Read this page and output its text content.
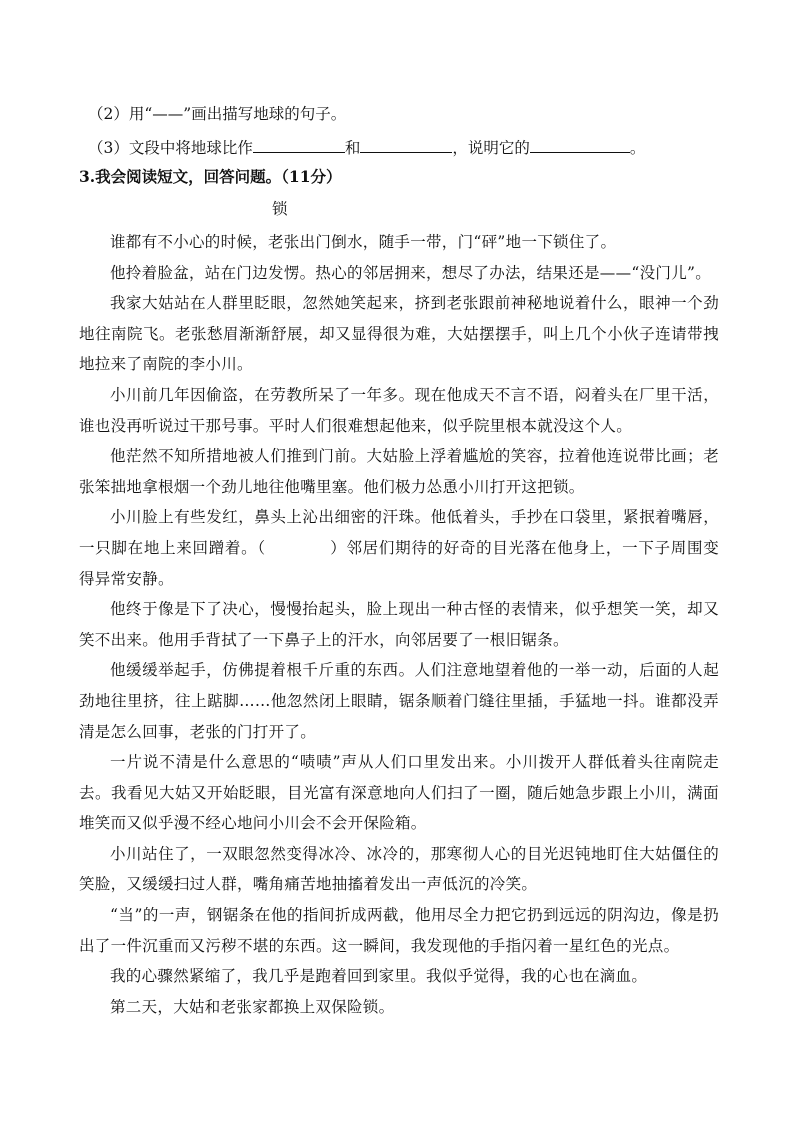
（2）用“——”画出描写地球的句子。
（3）文段中将地球比作	和	，说明它的	。
3.我会阅读短文，回答问题。（11分）
锁

谁都有不小心的时候，老张出门倒水，随手一带，门“砰”地一下锁住了。

他拎着脸盆，站在门边发愣。热心的邻居拥来，想尽了办法，结果还是——“没门儿”。

我家大姑站在人群里眨眼，忽然她笑起来，挤到老张跟前神秘地说着什么，眼神一个劲地往南院飞。老张愁眉渐渐舒展，却又显得很为难，大姑摆摆手，叫上几个小伙子连请带拽地拉来了南院的李小川。

小川前几年因偷盗，在劳教所呆了一年多。现在他成天不言不语，闷着头在厂里干活，谁也没再听说过干那号事。平时人们很难想起他来，似乎院里根本就没这个人。

他茫然不知所措地被人们推到门前。大姑脸上浮着尴尬的笑容，拉着他连说带比画；老张笨拙地拿根烟一个劲儿地往他嘴里塞。他们极力怂恿小川打开这把锁。

小川脸上有些发红，鼻头上沁出细密的汗珠。他低着头，手抄在口袋里，紧抿着嘴唇，一只脚在地上来回蹭着。（	）邻居们期待的好奇的目光落在他身上，一下子周围变得异常安静。

他终于像是下了决心，慢慢抬起头，脸上现出一种古怪的表情来，似乎想笑一笑，却又笑不出来。他用手背拭了一下鼻子上的汗水，向邻居要了一根旧锯条。

他缓缓举起手，仿佛提着根千斤重的东西。人们注意地望着他的一举一动，后面的人起劲地往里挤，往上踮脚……他忽然闭上眼睛，锯条顺着门缝往里插，手猛地一抖。谁都没弄清是怎么回事，老张的门打开了。

一片说不清是什么意思的“啧啧”声从人们口里发出来。小川拨开人群低着头往南院走去。我看见大姑又开始眨眼，目光富有深意地向人们扫了一圈，随后她急步跟上小川，满面堆笑而又似乎漫不经心地问小川会不会开保险箱。

小川站住了，一双眼忽然变得冰冷、冰冷的，那寒彻人心的目光迟钝地盯住大姑僵住的笑脸，又缓缓扫过人群，嘴角痛苦地抽搐着发出一声低沉的冷笑。

“当”的一声，钢锯条在他的指间折成两截，他用尽全力把它扔到远远的阴沟边，像是扔出了一件沉重而又污秽不堪的东西。这一瞬间，我发现他的手指闪着一星红色的光点。

我的心骤然紧缩了，我几乎是跑着回到家里。我似乎觉得，我的心也在滴血。

第二天，大姑和老张家都换上双保险锁。
